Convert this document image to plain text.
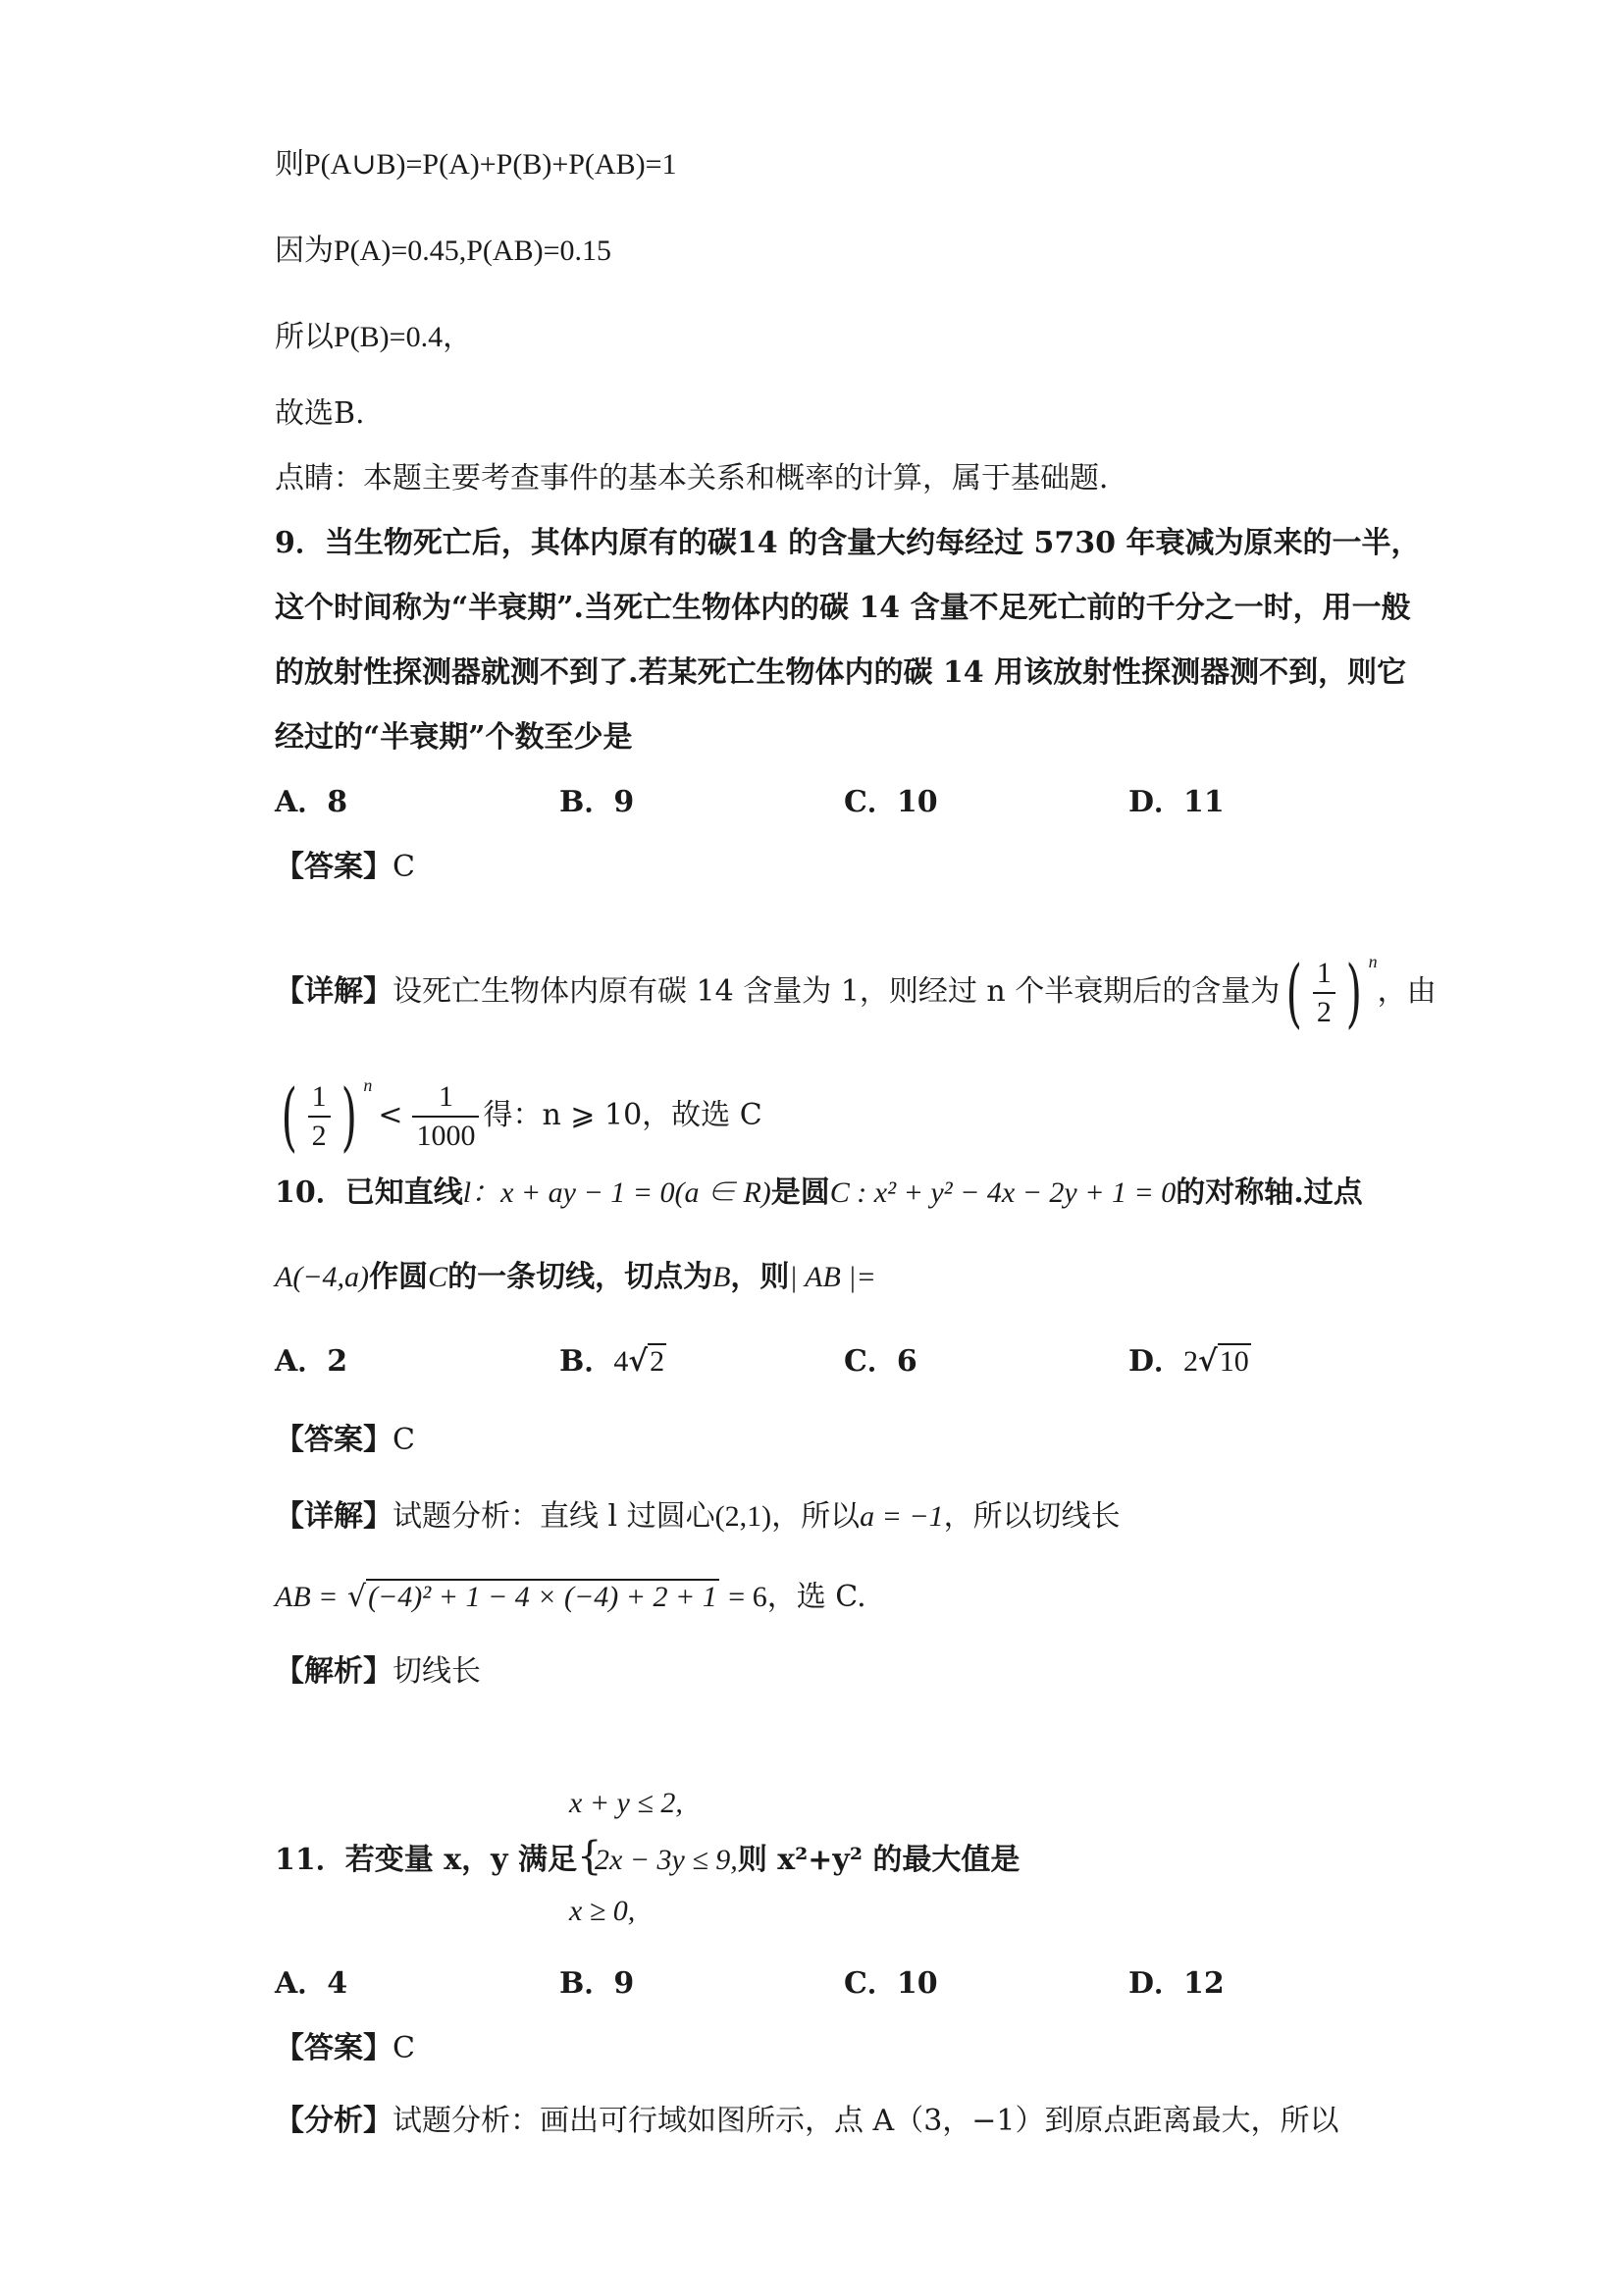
则P(A∪B)=P(A)+P(B)+P(AB)=1
因为P(A)=0.45,P(AB)=0.15
所以P(B)=0.4，
故选B.
点睛：本题主要考查事件的基本关系和概率的计算，属于基础题．
9．当生物死亡后，其体内原有的碳14 的含量大约每经过 5730 年衰减为原来的一半，
这个时间称为“半衰期”.当死亡生物体内的碳 14 含量不足死亡前的千分之一时，用一般
的放射性探测器就测不到了.若某死亡生物体内的碳 14 用该放射性探测器测不到，则它
经过的“半衰期”个数至少是
A．8	B．9	C．10	D．11
【答案】C
【详解】设死亡生物体内原有碳 14 含量为 1，则经过 n 个半衰期后的含量为( $\frac{1}{2}$ ) $^n$，由
( $\frac{1}{2}$ ) $^n< \frac{1}{1000}$ 得：n ⩾ 10，故选 C
10．已知直线l：x + ay − 1 = 0(a ∈ R)是圆C : x² + y² − 4x − 2y + 1 = 0的对称轴.过点
A(−4,a)作圆C的一条切线，切点为B，则| AB |=
A．2	B．4√2	C．6	D．2√10
【答案】C
【详解】试题分析：直线 l 过圆心(2,1)，所以a = −1，所以切线长
AB = √(−4)² + 1 − 4 × (−4) + 2 + 1 = 6，选 C.
【解析】切线长
x + y ≤ 2,
11．若变量 x，y 满足{2x − 3y ≤ 9,则 x²+y² 的最大值是
x ≥ 0,
A．4	B．9	C．10	D．12
【答案】C
【分析】试题分析：画出可行域如图所示，点 A（3，−1）到原点距离最大，所以
